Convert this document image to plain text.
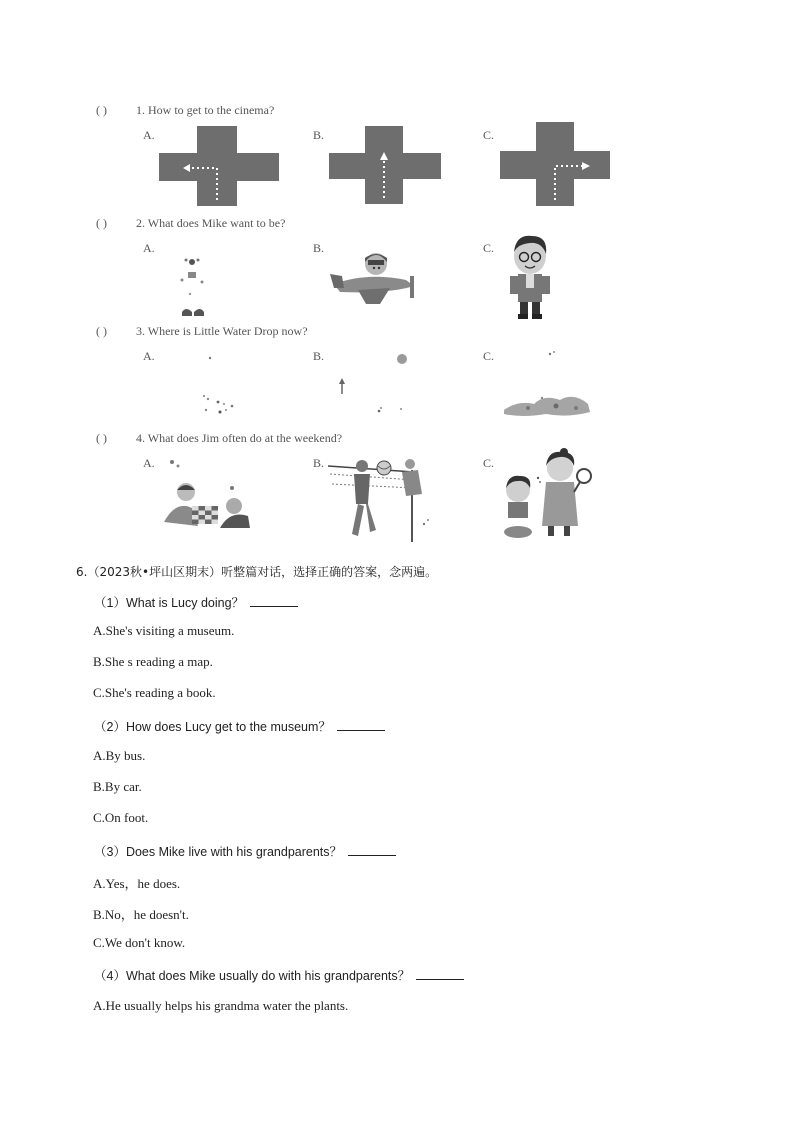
( ) 1. How to get to the cinema?
A.	B.	C.
( ) 2. What does Mike want to be?
A.	B.	C.
( ) 3. Where is Little Water Drop now?
A.	B.	C.
( ) 4. What does Jim often do at the weekend?
A.	B.	C.
6.（2023秋•坪山区期末）听整篇对话，选择正确的答案，念两遍。
（1）What is Lucy doing？
A.She's visiting a museum.
B.She s reading a map.
C.She's reading a book.
（2）How does Lucy get to the museum？
A.By bus.
B.By car.
C.On foot.
（3）Does Mike live with his grandparents？
A.Yes，he does.
B.No，he doesn't.
C.We don't know.
（4）What does Mike usually do with his grandparents？
A.He usually helps his grandma water the plants.
